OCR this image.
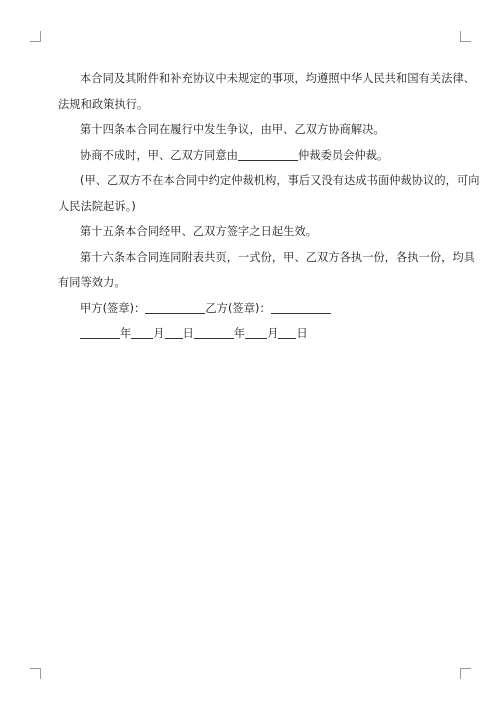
本合同及其附件和补充协议中未规定的事项，均遵照中华人民共和国有关法律、
法规和政策执行。
第十四条本合同在履行中发生争议，由甲、乙双方协商解决。
协商不成时，甲、乙双方同意由	仲裁委员会仲裁。
(甲、乙双方不在本合同中约定仲裁机构，事后又没有达成书面仲裁协议的，可向
人民法院起诉。)
第十五条本合同经甲、乙双方签字之日起生效。
第十六条本合同连同附表共页，一式份，甲、乙双方各执一份，各执一份，均具
有同等效力。
甲方(签章)：	乙方(签章)：
年 月 日	年 月 日
